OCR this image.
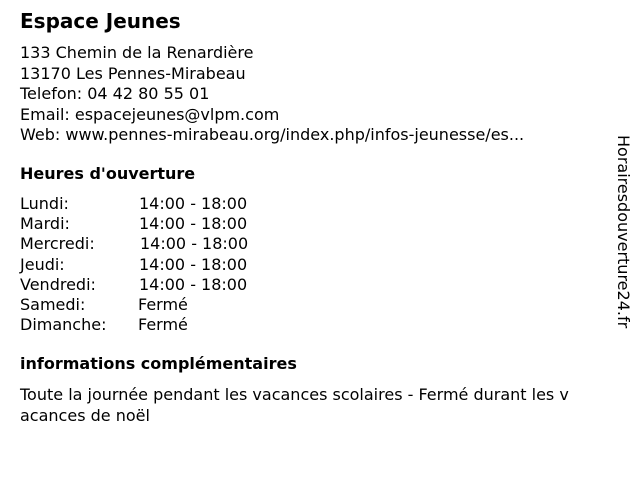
Espace Jeunes
133 Chemin de la Renardière
13170 Les Pennes-Mirabeau
Telefon: 04 42 80 55 01
Email: espacejeunes@vlpm.com
Web: www.pennes-mirabeau.org/index.php/infos-jeunesse/es...
Heures d'ouverture
Lundi:	14:00 - 18:00
Mardi:	14:00 - 18:00
Mercredi:	14:00 - 18:00
Jeudi:	14:00 - 18:00
Vendredi:	14:00 - 18:00
Samedi:	Fermé
Dimanche: Fermé
informations complémentaires
Toute la journée pendant les vacances scolaires - Fermé durant les v
acances de noël
Horairesdouverture24.fr
